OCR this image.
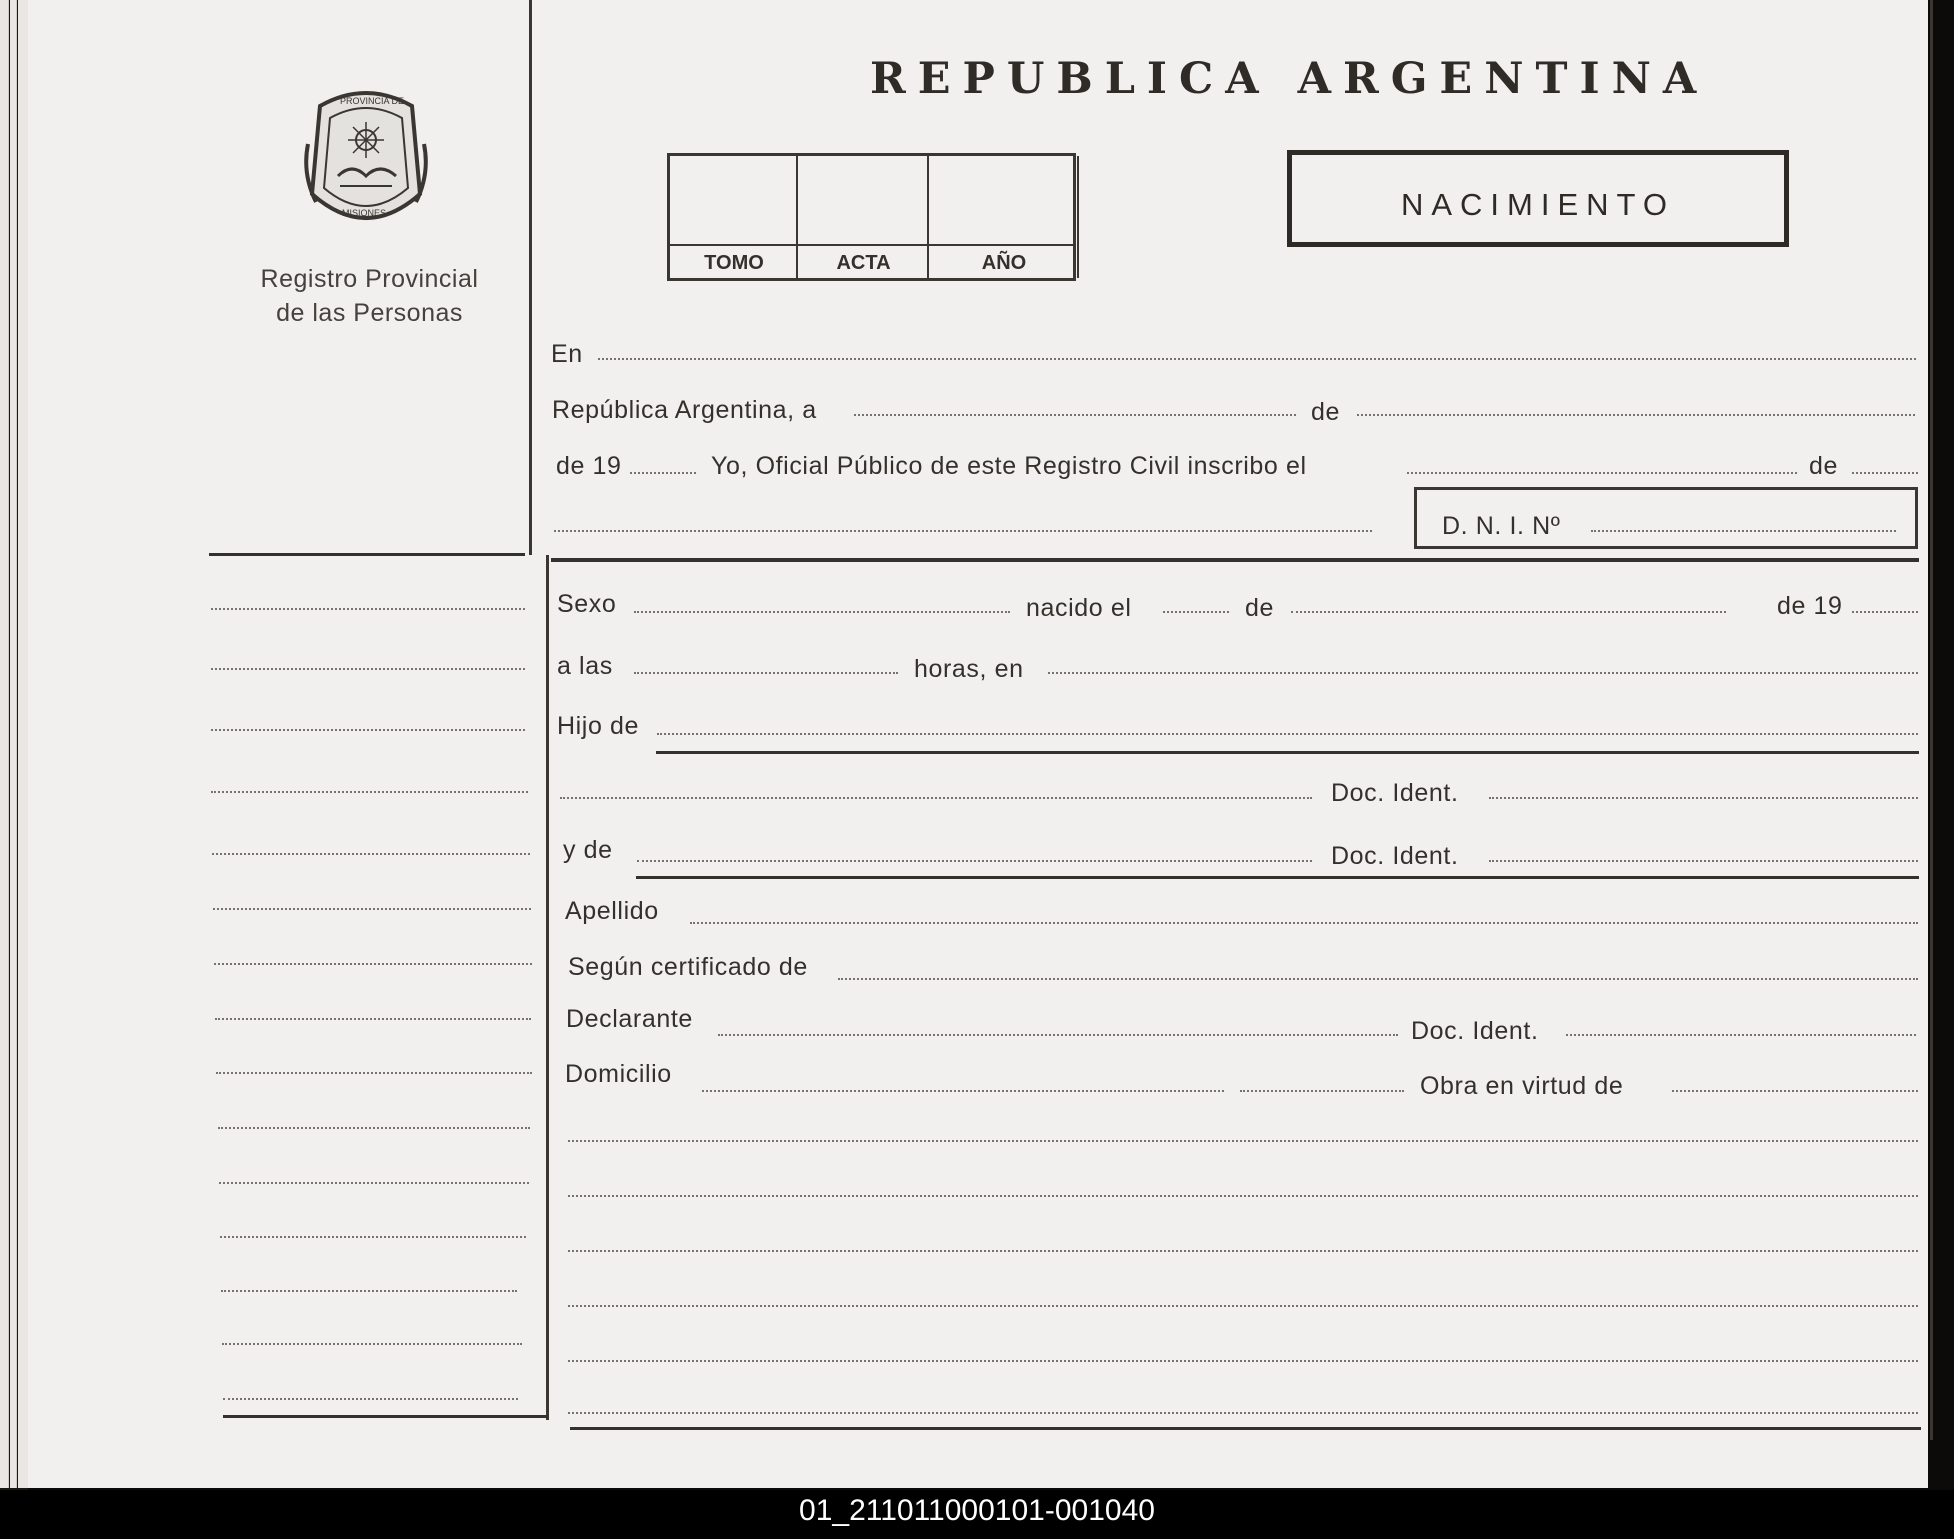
PROVINCIA DE
MISIONES
Registro Provincial
de las Personas
REPUBLICA ARGENTINA
TOMO	ACTA	AÑO
NACIMIENTO
En
República Argentina, a	de
de 19	Yo, Oficial Público de este Registro Civil inscribo el	de
D. N. I. Nº
Sexo	nacido el	de	de 19
a las	horas, en
Hijo de
Doc. Ident.
y de	Doc. Ident.
Apellido
Según certificado de
Declarante	Doc. Ident.
Domicilio	Obra en virtud de
01_211011000101-001040
